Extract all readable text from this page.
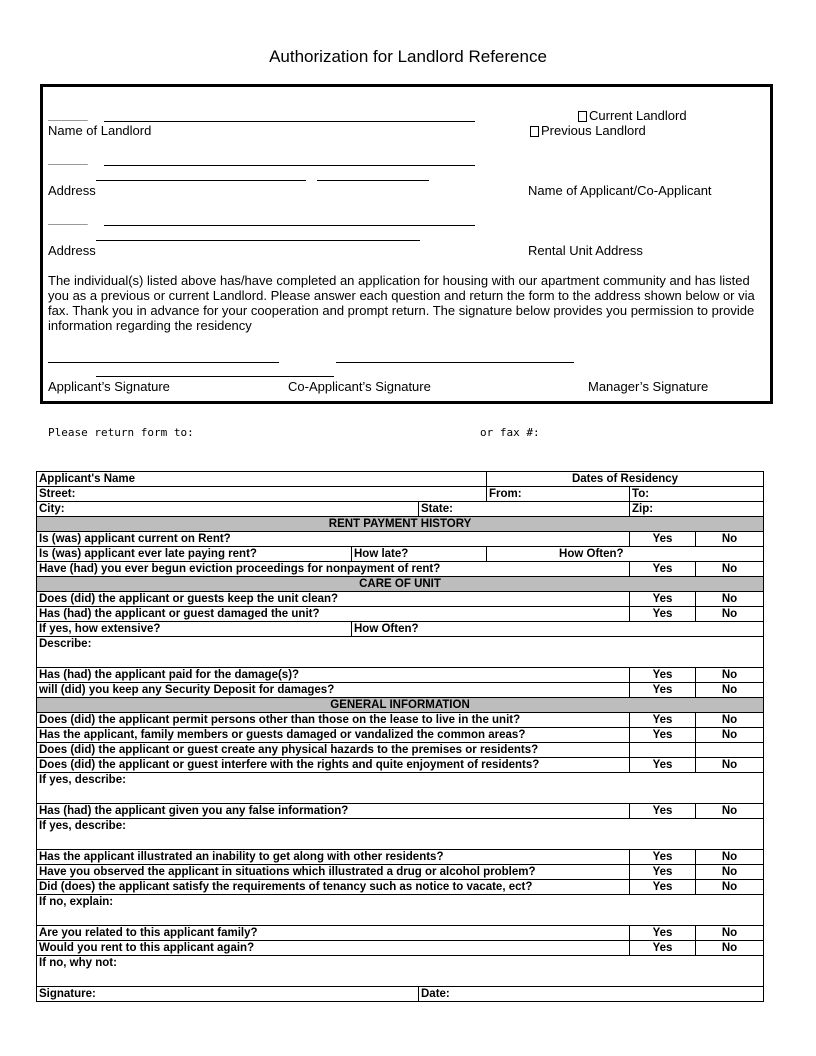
Authorization for Landlord Reference
______
Name of Landlord
Current Landlord
Previous Landlord
______
Address	Name of Applicant/Co-Applicant
______
Address	Rental Unit Address
The individual(s) listed above has/have completed an application for housing with our apartment community and has listed you as a previous or current Landlord. Please answer each question and return the form to the address shown below or via fax. Thank you in advance for your cooperation and prompt return. The signature below provides you permission to provide information regarding the residency
Applicant’s Signature	Co-Applicant’s Signature	Manager’s Signature
Please return form to:	or fax #:
Applicant's Name			Dates of Residency		
Street:			From:	To:	
City:		State:		Zip:	
RENT PAYMENT HISTORY					
Is (was) applicant current on Rent?				Yes	No
Is (was) applicant ever late paying rent?	How late?		How Often?		
Have (had) you ever begun eviction proceedings for nonpayment of rent?				Yes	No
CARE OF UNIT					
Does (did) the applicant or guests keep the unit clean?				Yes	No
Has (had) the applicant or guest damaged the unit?				Yes	No
If yes, how extensive?	How Often?				
Describe:					
Has (had) the applicant paid for the damage(s)?				Yes	No
will (did) you keep any Security Deposit for damages?				Yes	No
GENERAL INFORMATION					
Does (did) the applicant permit persons other than those on the lease to live in the unit?				Yes	No
Has the applicant, family members or guests damaged or vandalized the common areas?				Yes	No
Does (did) the applicant or guest create any physical hazards to the premises or residents?					
Does (did) the applicant or guest interfere with the rights and quite enjoyment of residents?				Yes	No
If yes, describe:					
Has (had) the applicant given you any false information?				Yes	No
If yes, describe:					
Has the applicant illustrated an inability to get along with other residents?				Yes	No
Have you observed the applicant in situations which illustrated a drug or alcohol problem?				Yes	No
Did (does) the applicant satisfy the requirements of tenancy such as notice to vacate, ect?				Yes	No
If no, explain:					
Are you related to this applicant family?				Yes	No
Would you rent to this applicant again?				Yes	No
If no, why not:					
Signature:		Date:			
